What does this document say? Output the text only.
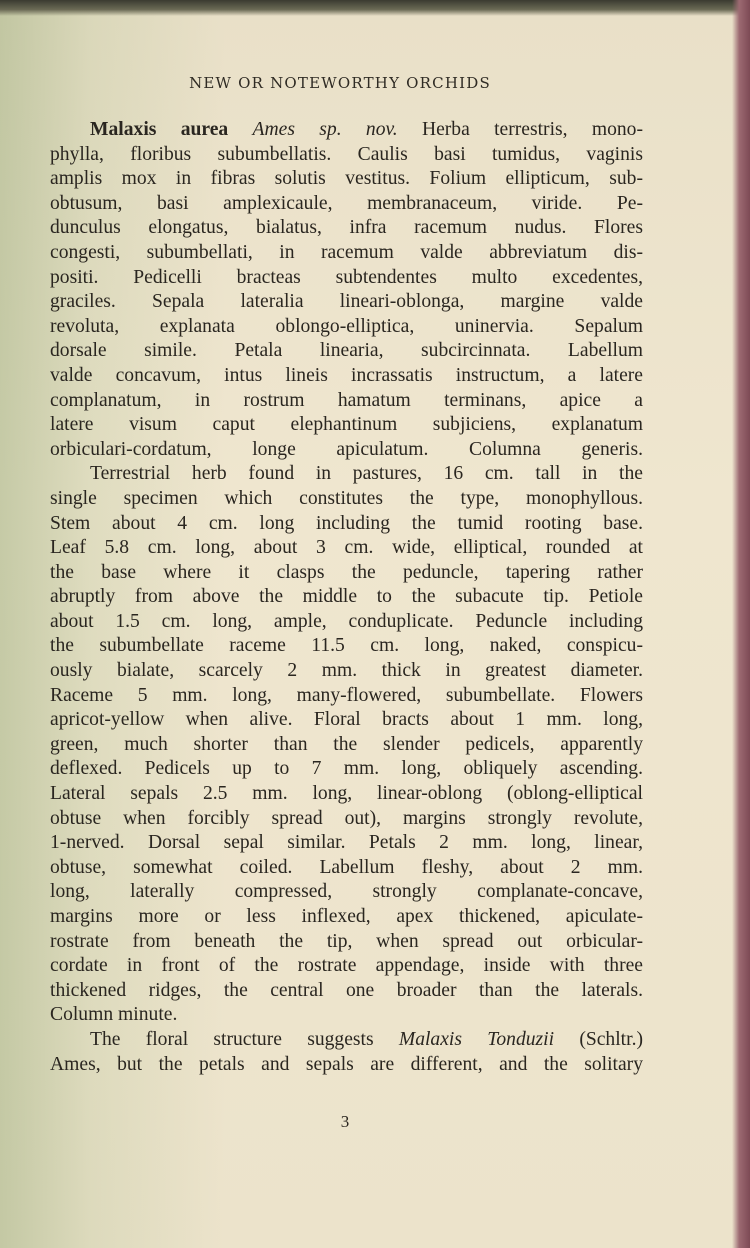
NEW OR NOTEWORTHY ORCHIDS
Malaxis aurea Ames sp. nov. Herba terrestris, mono-
phylla, floribus subumbellatis. Caulis basi tumidus, vaginis
amplis mox in fibras solutis vestitus. Folium ellipticum, sub-
obtusum, basi amplexicaule, membranaceum, viride. Pe-
dunculus elongatus, bialatus, infra racemum nudus. Flores
congesti, subumbellati, in racemum valde abbreviatum dis-
positi. Pedicelli bracteas subtendentes multo excedentes,
graciles. Sepala lateralia lineari-oblonga, margine valde
revoluta, explanata oblongo-elliptica, uninervia. Sepalum
dorsale simile. Petala linearia, subcircinnata. Labellum
valde concavum, intus lineis incrassatis instructum, a latere
complanatum, in rostrum hamatum terminans, apice a
latere visum caput elephantinum subjiciens, explanatum
orbiculari-cordatum, longe apiculatum. Columna generis.
Terrestrial herb found in pastures, 16 cm. tall in the
single specimen which constitutes the type, monophyllous.
Stem about 4 cm. long including the tumid rooting base.
Leaf 5.8 cm. long, about 3 cm. wide, elliptical, rounded at
the base where it clasps the peduncle, tapering rather
abruptly from above the middle to the subacute tip. Petiole
about 1.5 cm. long, ample, conduplicate. Peduncle including
the subumbellate raceme 11.5 cm. long, naked, conspicu-
ously bialate, scarcely 2 mm. thick in greatest diameter.
Raceme 5 mm. long, many-flowered, subumbellate. Flowers
apricot-yellow when alive. Floral bracts about 1 mm. long,
green, much shorter than the slender pedicels, apparently
deflexed. Pedicels up to 7 mm. long, obliquely ascending.
Lateral sepals 2.5 mm. long, linear-oblong (oblong-elliptical
obtuse when forcibly spread out), margins strongly revolute,
1-nerved. Dorsal sepal similar. Petals 2 mm. long, linear,
obtuse, somewhat coiled. Labellum fleshy, about 2 mm.
long, laterally compressed, strongly complanate-concave,
margins more or less inflexed, apex thickened, apiculate-
rostrate from beneath the tip, when spread out orbicular-
cordate in front of the rostrate appendage, inside with three
thickened ridges, the central one broader than the laterals.
Column minute.
The floral structure suggests Malaxis Tonduzii (Schltr.)
Ames, but the petals and sepals are different, and the solitary
3
